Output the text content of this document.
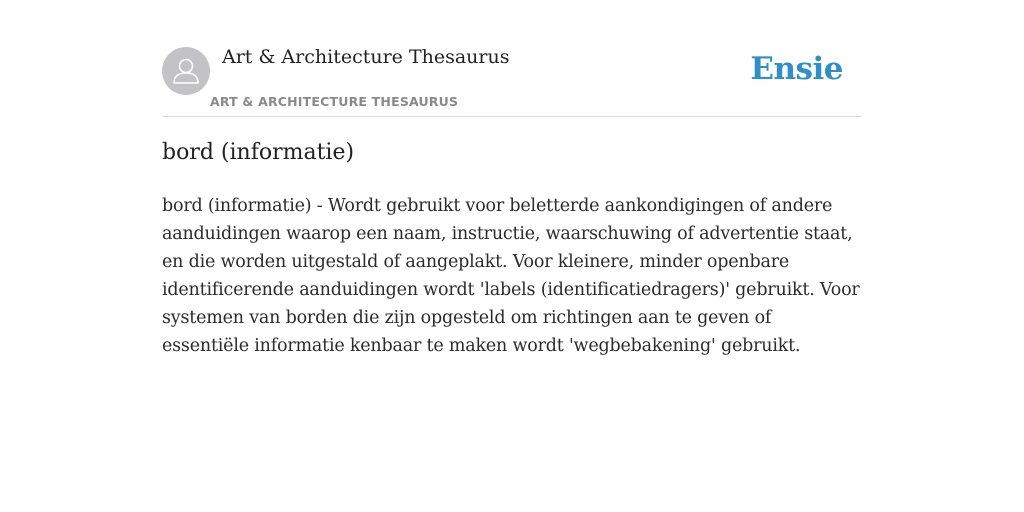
Art & Architecture Thesaurus
ART & ARCHITECTURE THESAURUS
Ensie
bord (informatie)

bord (informatie) - Wordt gebruikt voor beletterde aankondigingen of andere aanduidingen waarop een naam, instructie, waarschuwing of advertentie staat, en die worden uitgestald of aangeplakt. Voor kleinere, minder openbare identificerende aanduidingen wordt 'labels (identificatiedragers)' gebruikt. Voor systemen van borden die zijn opgesteld om richtingen aan te geven of essentiële informatie kenbaar te maken wordt 'wegbebakening' gebruikt.
